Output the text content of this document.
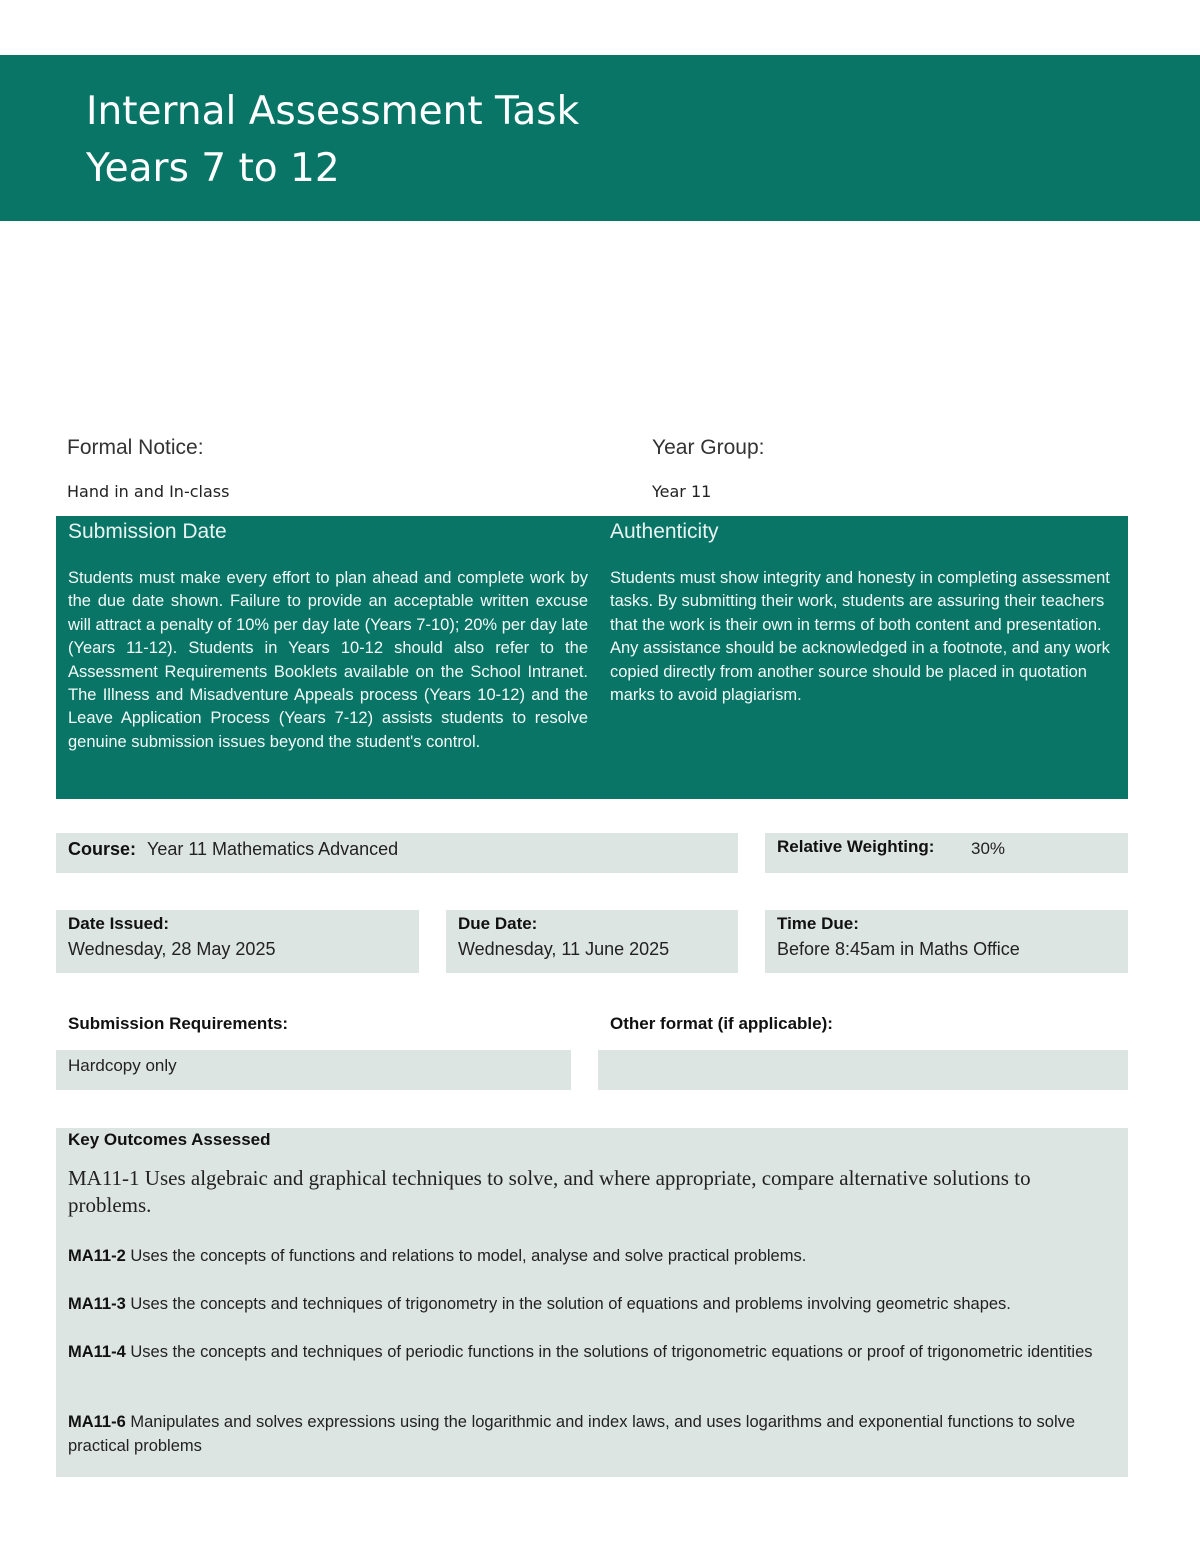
Internal Assessment Task
Years 7 to 12
Formal Notice:
Hand in and In-class
Year Group:
Year 11
Submission Date
Students must make every effort to plan ahead and complete work by the due date shown. Failure to provide an acceptable written excuse will attract a penalty of 10% per day late (Years 7-10); 20% per day late (Years 11-12). Students in Years 10-12 should also refer to the Assessment Requirements Booklets available on the School Intranet. The Illness and Misadventure Appeals process (Years 10-12) and the Leave Application Process (Years 7-12) assists students to resolve genuine submission issues beyond the student's control.
Authenticity
Students must show integrity and honesty in completing assessment tasks. By submitting their work, students are assuring their teachers that the work is their own in terms of both content and presentation. Any assistance should be acknowledged in a footnote, and any work copied directly from another source should be placed in quotation marks to avoid plagiarism.
Course: Year 11 Mathematics Advanced	Relative Weighting: 30%
Date Issued:
Wednesday, 28 May 2025
Due Date:
Wednesday, 11 June 2025
Time Due:
Before 8:45am in Maths Office
Submission Requirements:	Other format (if applicable):
Hardcopy only
Key Outcomes Assessed
MA11-1 Uses algebraic and graphical techniques to solve, and where appropriate, compare alternative solutions to problems.
MA11-2 Uses the concepts of functions and relations to model, analyse and solve practical problems.
MA11-3 Uses the concepts and techniques of trigonometry in the solution of equations and problems involving geometric shapes.
MA11-4 Uses the concepts and techniques of periodic functions in the solutions of trigonometric equations or proof of trigonometric identities
MA11-6 Manipulates and solves expressions using the logarithmic and index laws, and uses logarithms and exponential functions to solve practical problems
